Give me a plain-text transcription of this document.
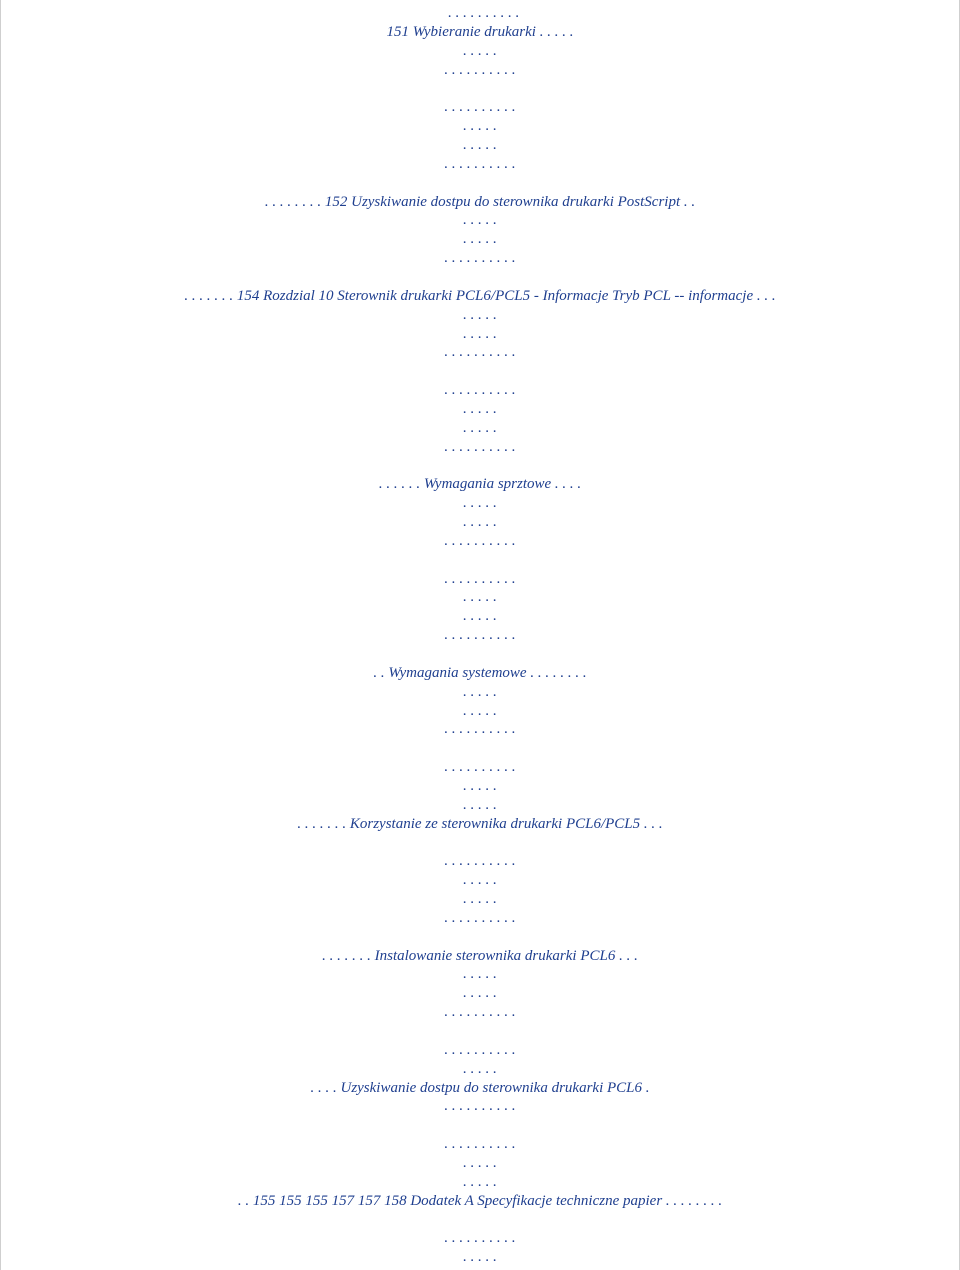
. . . . . . . . . .
151 Wybieranie drukarki . . . . .
. . . . .
. . . . . . . . . .
. . . . . . . . . .
. . . . .
. . . . .
. . . . . . . . . .
. . . . . . . . 152 Uzyskiwanie dostpu do sterownika drukarki PostScript . .
. . . . .
. . . . .
. . . . . . . . . .
. . . . . . . 154 Rozdzial 10 Sterownik drukarki PCL6/PCL5 - Informacje Tryb PCL -- informacje . . .
. . . . .
. . . . .
. . . . . . . . . .
. . . . . . . . . .
. . . . .
. . . . .
. . . . . . . . . .
. . . . . . Wymagania sprztowe . . . .
. . . . .
. . . . .
. . . . . . . . . .
. . . . . . . . . .
. . . . .
. . . . .
. . . . . . . . . .
. . Wymagania systemowe . . . . . . . .
. . . . .
. . . . .
. . . . . . . . . .
. . . . . . . . . .
. . . . .
. . . . .
. . . . . . . Korzystanie ze sterownika drukarki PCL6/PCL5 . . .
. . . . . . . . . .
. . . . .
. . . . .
. . . . . . . . . .
. . . . . . . Instalowanie sterownika drukarki PCL6 . . .
. . . . .
. . . . .
. . . . . . . . . .
. . . . . . . . . .
. . . . .
. . . . Uzyskiwanie dostpu do sterownika drukarki PCL6 .
. . . . . . . . . .
. . . . . . . . . .
. . . . .
. . . . .
. . 155 155 155 157 157 158 Dodatek A Specyfikacje techniczne papier . . . . . . . .
. . . . . . . . . .
. . . . .
